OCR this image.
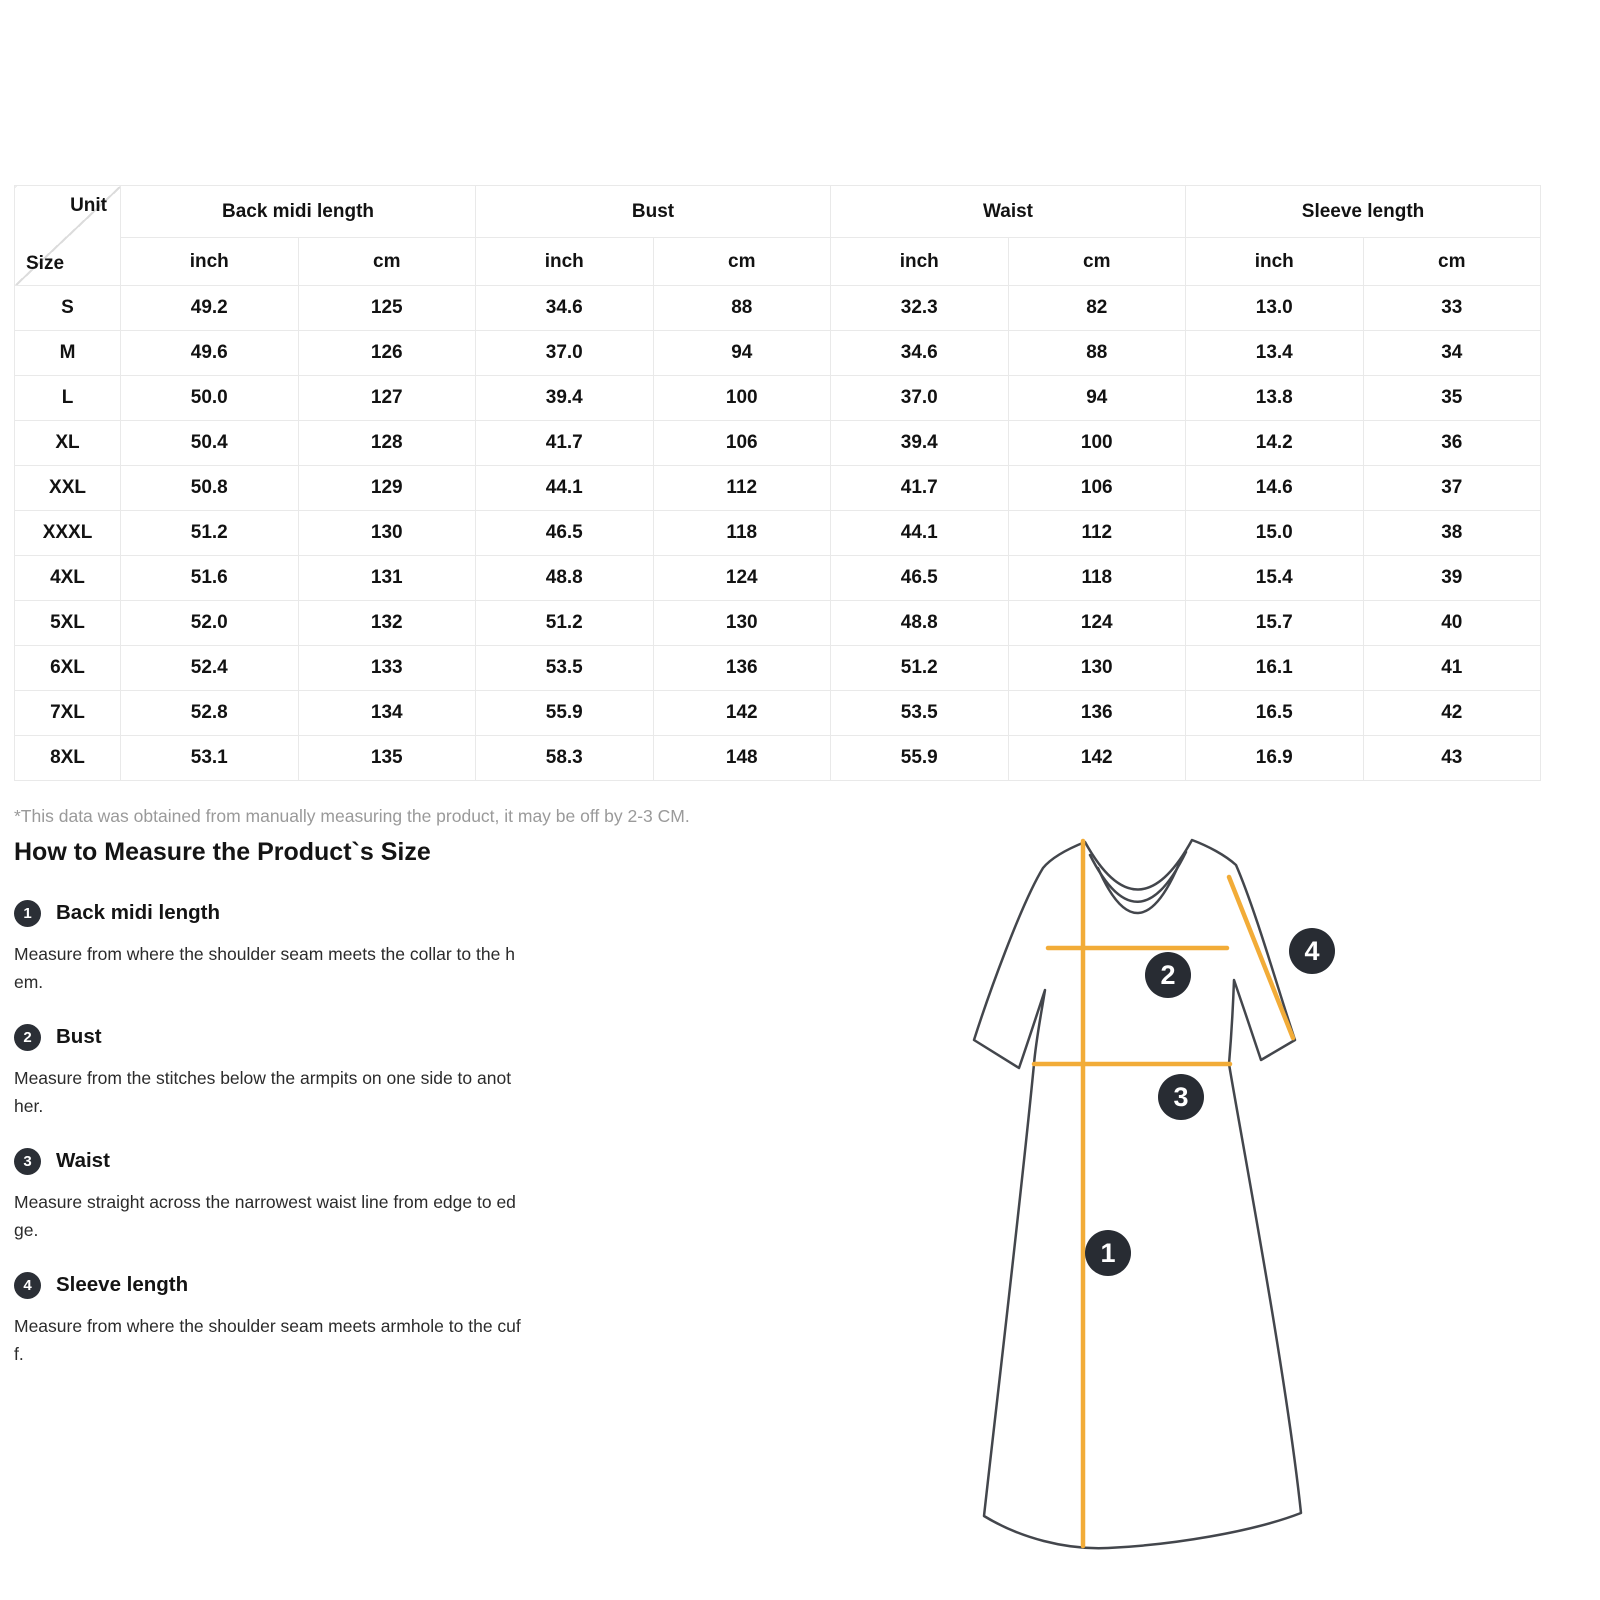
Unit
Size	Back midi length		Bust		Waist		Sleeve length	
	inch	cm	inch	cm	inch	cm	inch	cm
S	49.2	125	34.6	88	32.3	82	13.0	33
M	49.6	126	37.0	94	34.6	88	13.4	34
L	50.0	127	39.4	100	37.0	94	13.8	35
XL	50.4	128	41.7	106	39.4	100	14.2	36
XXL	50.8	129	44.1	112	41.7	106	14.6	37
XXXL	51.2	130	46.5	118	44.1	112	15.0	38
4XL	51.6	131	48.8	124	46.5	118	15.4	39
5XL	52.0	132	51.2	130	48.8	124	15.7	40
6XL	52.4	133	53.5	136	51.2	130	16.1	41
7XL	52.8	134	55.9	142	53.5	136	16.5	42
8XL	53.1	135	58.3	148	55.9	142	16.9	43

*This data was obtained from manually measuring the product, it may be off by 2-3 CM.

How to Measure the Product`s Size
1	Back midi length
Measure from where the shoulder seam meets the collar to the h
em.
2	Bust
Measure from the stitches below the armpits on one side to anot
her.
3	Waist
Measure straight across the narrowest waist line from edge to ed
ge.
4	Sleeve length
Measure from where the shoulder seam meets armhole to the cuf
f.
1
2
3
4
